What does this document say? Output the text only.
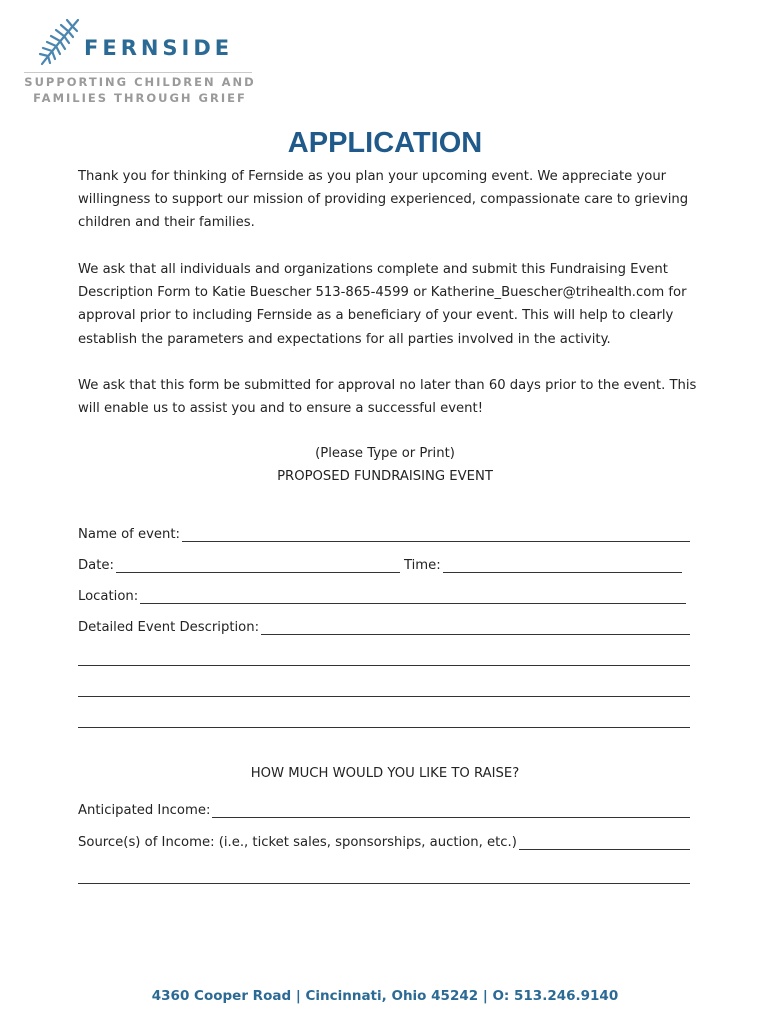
FERNSIDE
SUPPORTING CHILDREN AND
FAMILIES THROUGH GRIEF
APPLICATION
Thank you for thinking of Fernside as you plan your upcoming event. We appreciate your willingness to support our mission of providing experienced, compassionate care to grieving children and their families.
We ask that all individuals and organizations complete and submit this Fundraising Event Description Form to Katie Buescher 513-865-4599 or Katherine_Buescher@trihealth.com for approval prior to including Fernside as a beneficiary of your event. This will help to clearly establish the parameters and expectations for all parties involved in the activity.
We ask that this form be submitted for approval no later than 60 days prior to the event. This will enable us to assist you and to ensure a successful event!
(Please Type or Print)
PROPOSED FUNDRAISING EVENT
Name of event:
Date:	Time:
Location:
Detailed Event Description:
HOW MUCH WOULD YOU LIKE TO RAISE?
Anticipated Income:
Source(s) of Income: (i.e., ticket sales, sponsorships, auction, etc.)
4360 Cooper Road | Cincinnati, Ohio 45242 | O: 513.246.9140
